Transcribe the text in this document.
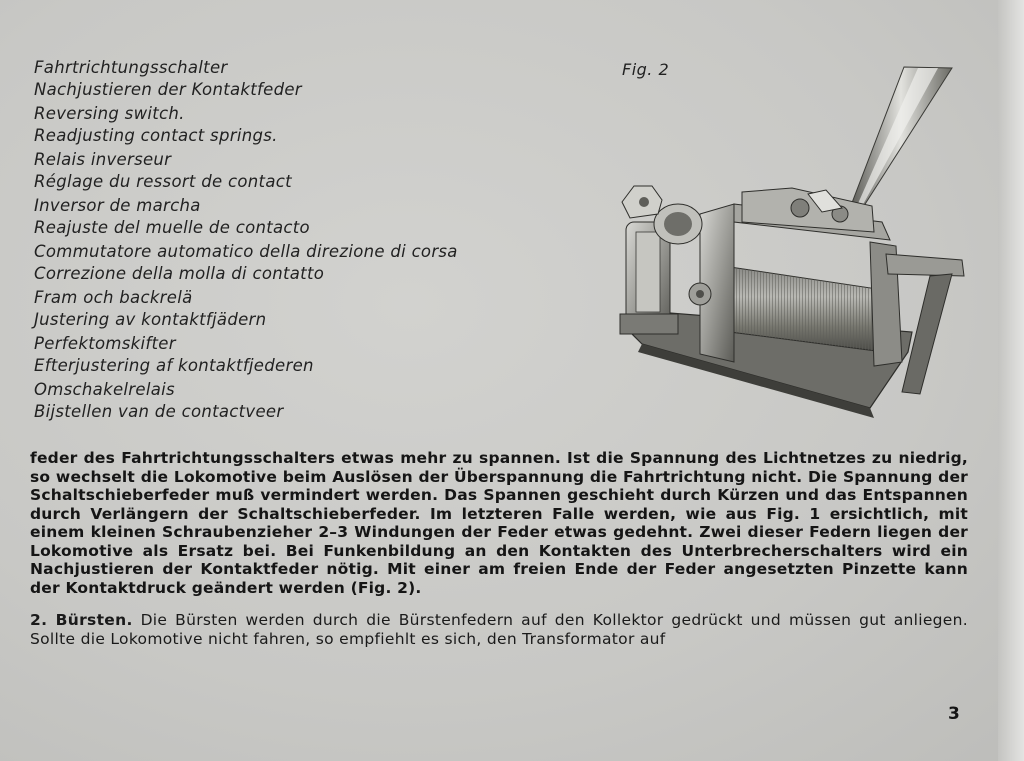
Fahrtrichtungsschalter
Nachjustieren der Kontaktfeder
Reversing switch.
Readjusting contact springs.
Relais inverseur
Réglage du ressort de contact
Inversor de marcha
Reajuste del muelle de contacto
Commutatore automatico della direzione di corsa
Correzione della molla di contatto
Fram och backrelä
Justering av kontaktfjädern
Perfektomskifter
Efterjustering af kontaktfjederen
Omschakelrelais
Bijstellen van de contactveer
Fig. 2
feder des Fahrtrichtungsschalters etwas mehr zu spannen. Ist die Spannung des Lichtnetzes zu niedrig, so wechselt die Lokomotive beim Auslösen der Überspannung die Fahrtrichtung nicht. Die Spannung der Schaltschieberfeder muß vermindert werden. Das Spannen geschieht durch Kürzen und das Entspannen durch Verlängern der Schaltschieberfeder. Im letzteren Falle werden, wie aus Fig. 1 ersichtlich, mit einem kleinen Schraubenzieher 2–3 Windungen der Feder etwas gedehnt. Zwei dieser Federn liegen der Lokomotive als Ersatz bei. Bei Funkenbildung an den Kontakten des Unterbrecherschalters wird ein Nachjustieren der Kontaktfeder nötig. Mit einer am freien Ende der Feder angesetzten Pinzette kann der Kontaktdruck geändert werden (Fig. 2).
2. Bürsten. Die Bürsten werden durch die Bürstenfedern auf den Kollektor gedrückt und müssen gut anliegen. Sollte die Lokomotive nicht fahren, so empfiehlt es sich, den Transformator auf
3
